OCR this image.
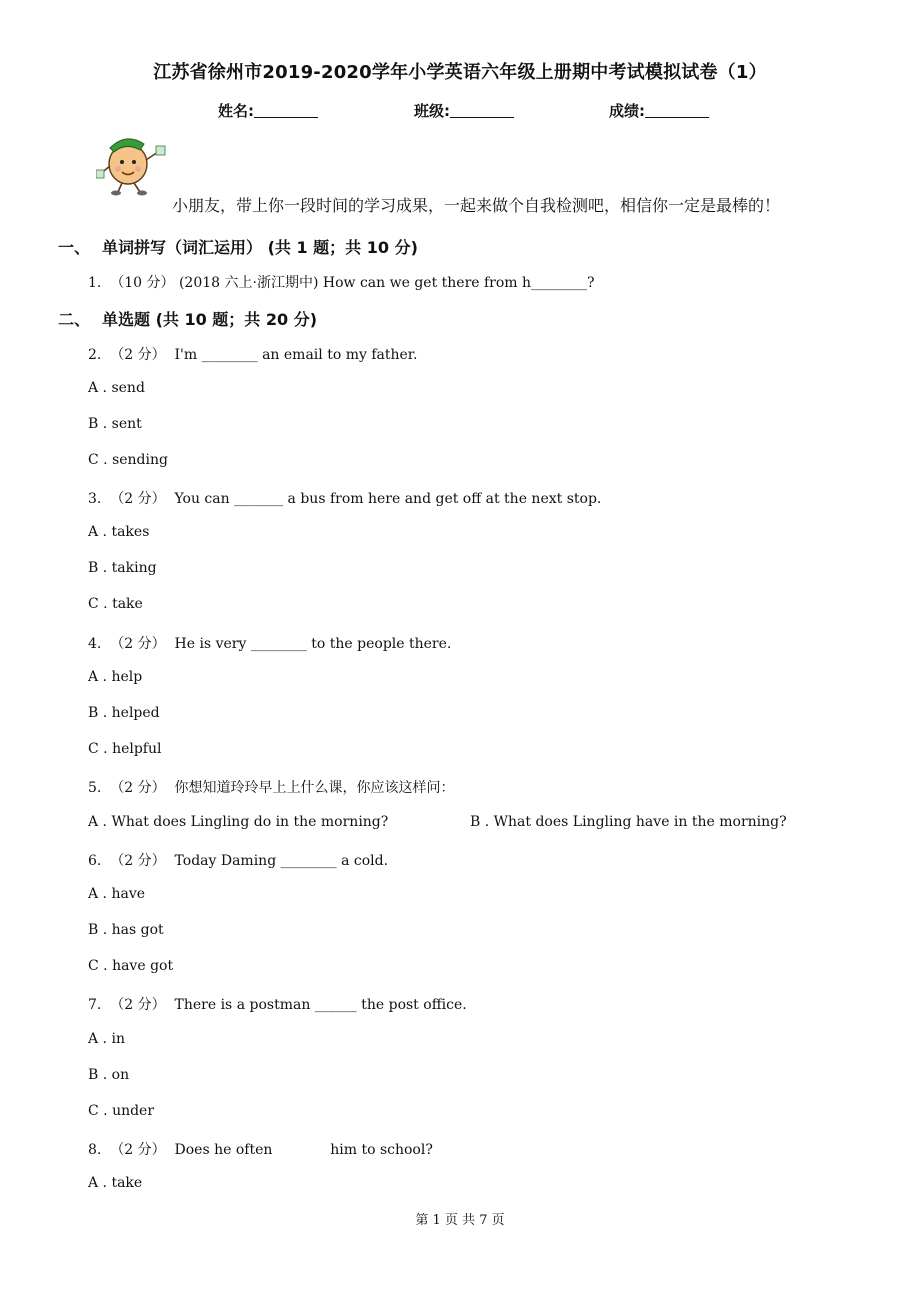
江苏省徐州市2019-2020学年小学英语六年级上册期中考试模拟试卷（1）
姓名:	班级:	成绩:
小朋友，带上你一段时间的学习成果，一起来做个自我检测吧，相信你一定是最棒的！
一、 单词拼写（词汇运用） (共 1 题；共 10 分)
1.  （10 分） (2018 六上·浙江期中) How can we get there from h________?
二、 单选题 (共 10 题；共 20 分)
2.  （2 分）  I'm ________ an email to my father.
A . send
B . sent
C . sending
3.  （2 分）  You can _______ a bus from here and get off at the next stop.
A . takes
B . taking
C . take
4.  （2 分）  He is very ________ to the people there.
A . help
B . helped
C . helpful
5.  （2 分）  你想知道玲玲早上上什么课，你应该这样问：
A . What does Lingling do in the morning?	B . What does Lingling have in the morning?
6.  （2 分）  Today Daming ________ a cold.
A . have
B . has got
C . have got
7.  （2 分）  There is a postman ______ the post office.
A . in
B . on
C . under
8.  （2 分）  Does he often             him to school?
A . take
第 1 页 共 7 页
